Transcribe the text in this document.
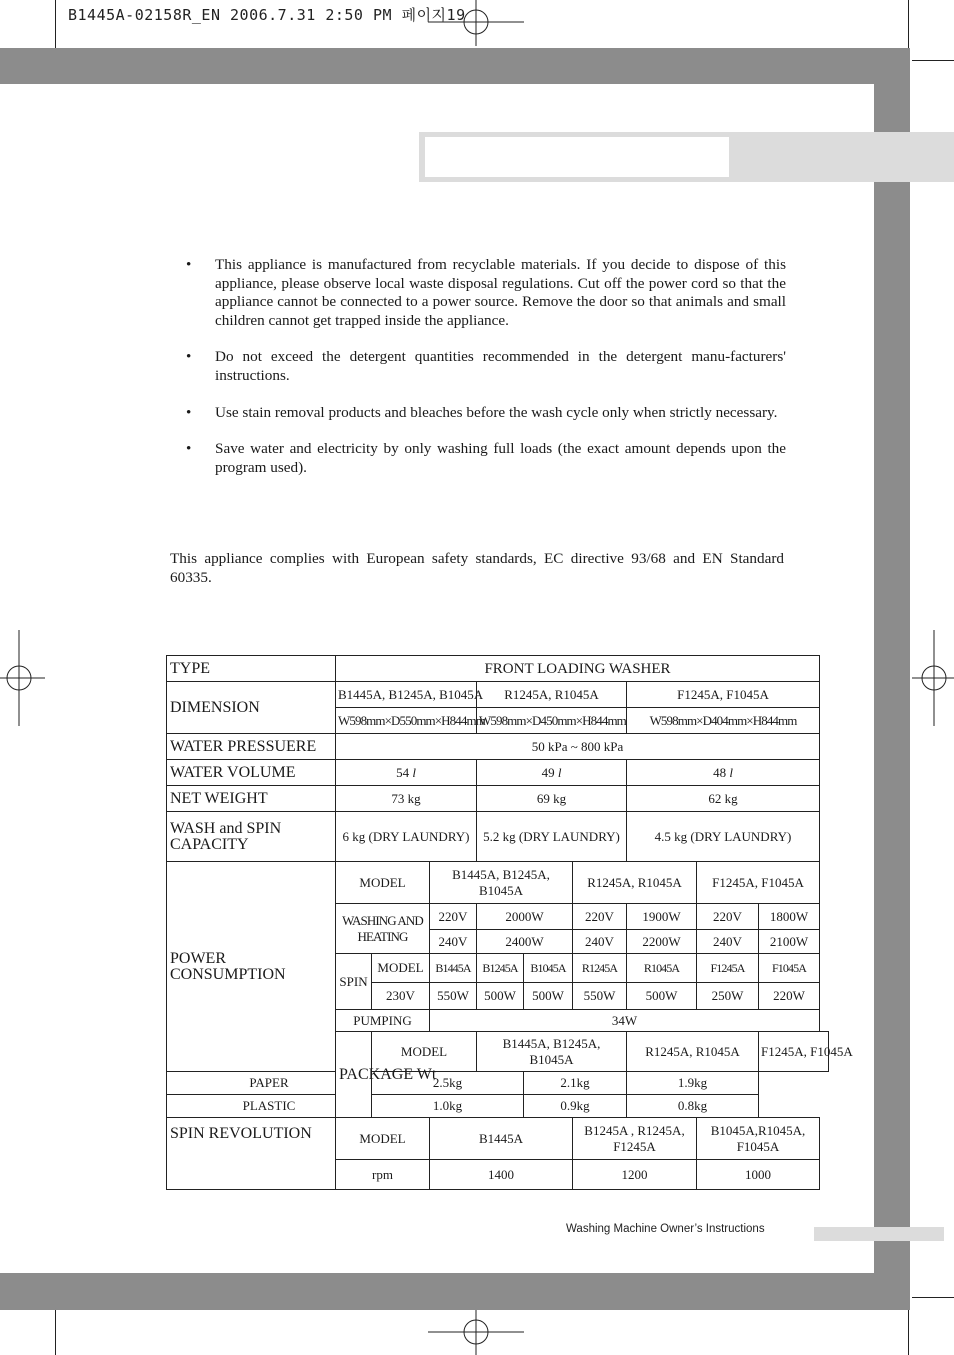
B1445A-02158R_EN 2006.7.31 2:50 PM 페이지19
• This appliance is manufactured from recyclable materials. If you decide to dispose of this appliance, please observe local waste disposal regulations. Cut off the power cord so that the appliance cannot be connected to a power source. Remove the door so that animals and small children cannot get trapped inside the appliance.
• Do not exceed the detergent quantities recommended in the detergent manu-facturers' instructions.
• Use stain removal products and bleaches before the wash cycle only when strictly necessary.
• Save water and electricity by only washing full loads (the exact amount depends upon the program used).
This appliance complies with European safety standards, EC directive 93/68 and EN Standard 60335.
TYPE	FRONT LOADING WASHER								
DIMENSION	B1445A, B1245A, B1045A			R1245A, R1045A			F1245A, F1045A		
	W598mm×D550mm×H844mm			W598mm×D450mm×H844mm			W598mm×D404mm×H844mm		
WATER PRESSUERE	50 kPa ~ 800 kPa								
WATER VOLUME	54 l			49 l			48 l		
NET WEIGHT	73 kg			69 kg			62 kg		
WASH and SPIN CAPACITY	6 kg (DRY LAUNDRY)			5.2 kg (DRY LAUNDRY)			4.5 kg (DRY LAUNDRY)		
POWER CONSUMPTION	MODEL		B1445A, B1245A, B1045A			R1245A, R1045A		F1245A, F1045A	
	WASHING AND HEATING		220V	2000W		220V	1900W	220V	1800W
			240V	2400W		240V	2200W	240V	2100W
	SPIN	MODEL	B1445A	B1245A	B1045A	R1245A	R1045A	F1245A	F1045A
		230V	550W	500W	500W	550W	500W	250W	220W
	PUMPING		34W						
	PACKAGE Wt	MODEL		B1445A, B1245A, B1045A			R1245A, R1045A		F1245A, F1045A
PAPER		2.5kg			2.1kg		1.9kg		
PLASTIC		1.0kg			0.9kg		0.8kg		
SPIN REVOLUTION	MODEL		B1445A			B1245A , R1245A, F1245A		B1045A,R1045A, F1045A	
	rpm		1400			1200		1000	
Washing Machine Owner’s Instructions
